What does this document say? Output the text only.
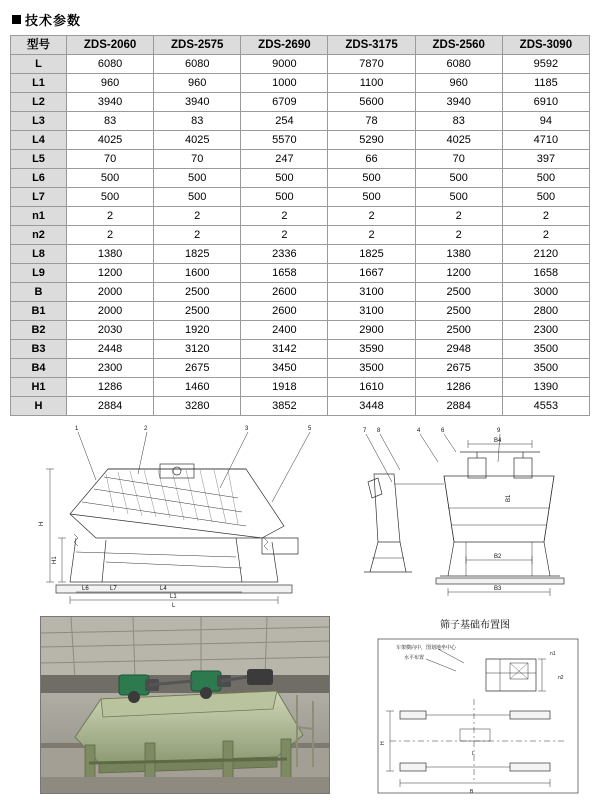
技术参数
型号	ZDS-2060	ZDS-2575	ZDS-2690	ZDS-3175	ZDS-2560	ZDS-3090
L	6080	6080	9000	7870	6080	9592
L1	960	960	1000	1100	960	1185
L2	3940	3940	6709	5600	3940	6910
L3	83	83	254	78	83	94
L4	4025	4025	5570	5290	4025	4710
L5	70	70	247	66	70	397
L6	500	500	500	500	500	500
L7	500	500	500	500	500	500
n1	2	2	2	2	2	2
n2	2	2	2	2	2	2
L8	1380	1825	2336	1825	1380	2120
L9	1200	1600	1658	1667	1200	1658
B	2000	2500	2600	3100	2500	3000
B1	2000	2500	2600	3100	2500	2800
B2	2030	1920	2400	2900	2500	2300
B3	2448	3120	3142	3590	2948	3500
B4	2300	2675	3450	3500	2675	3500
H1	1286	1460	1918	1610	1286	1390
H	2884	3280	3852	3448	2884	4553
1	2	3	5
H
H1
L6	L7	L4
L1
L
7 8	4	6	9
B4
B1
B2
B3
筛子基础布置图
车架横向中，图划地坐中心
水平布置
H
B
L
n1
n2
